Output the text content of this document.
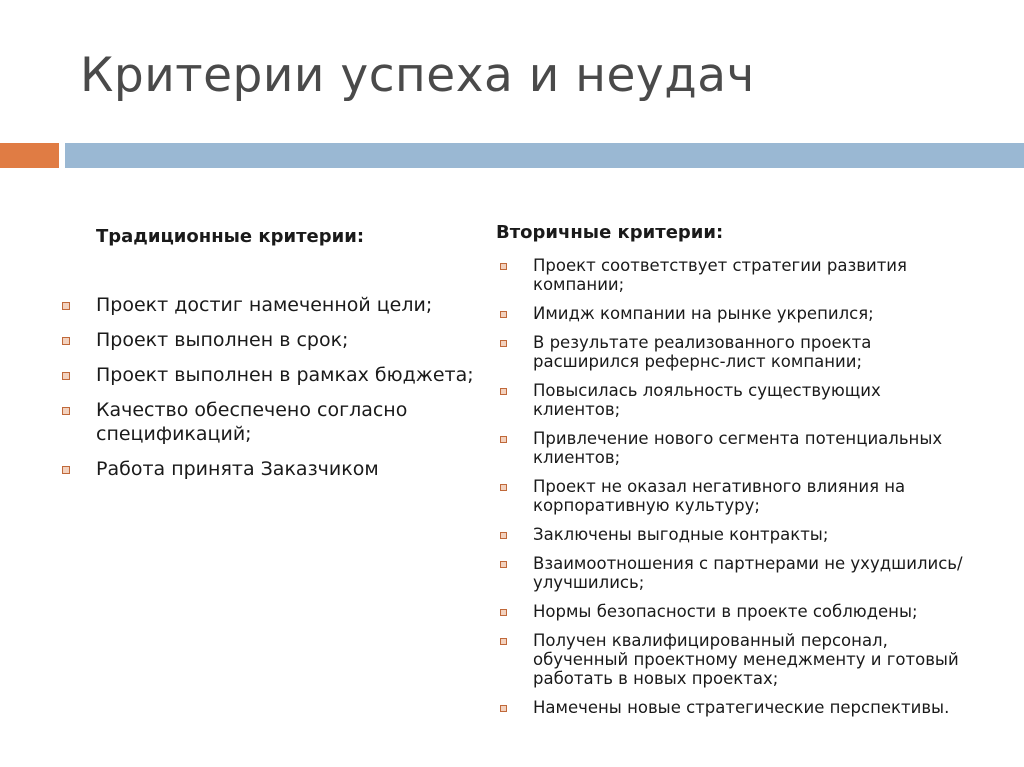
Критерии успеха и неудач
Традиционные критерии:
Проект достиг намеченной цели;
Проект выполнен в срок;
Проект выполнен в рамках бюджета;
Качество обеспечено согласно спецификаций;
Работа принята Заказчиком
Вторичные критерии:
Проект соответствует стратегии развития компании;
Имидж компании на рынке укрепился;
В результате реализованного проекта расширился рефернс-лист компании;
Повысилась лояльность существующих клиентов;
Привлечение нового сегмента потенциальных клиентов;
Проект не оказал негативного влияния на корпоративную культуру;
Заключены выгодные контракты;
Взаимоотношения с партнерами не ухудшились/улучшились;
Нормы безопасности в проекте соблюдены;
Получен квалифицированный персонал, обученный проектному менеджменту и готовый работать в новых проектах;
Намечены новые стратегические перспективы.
